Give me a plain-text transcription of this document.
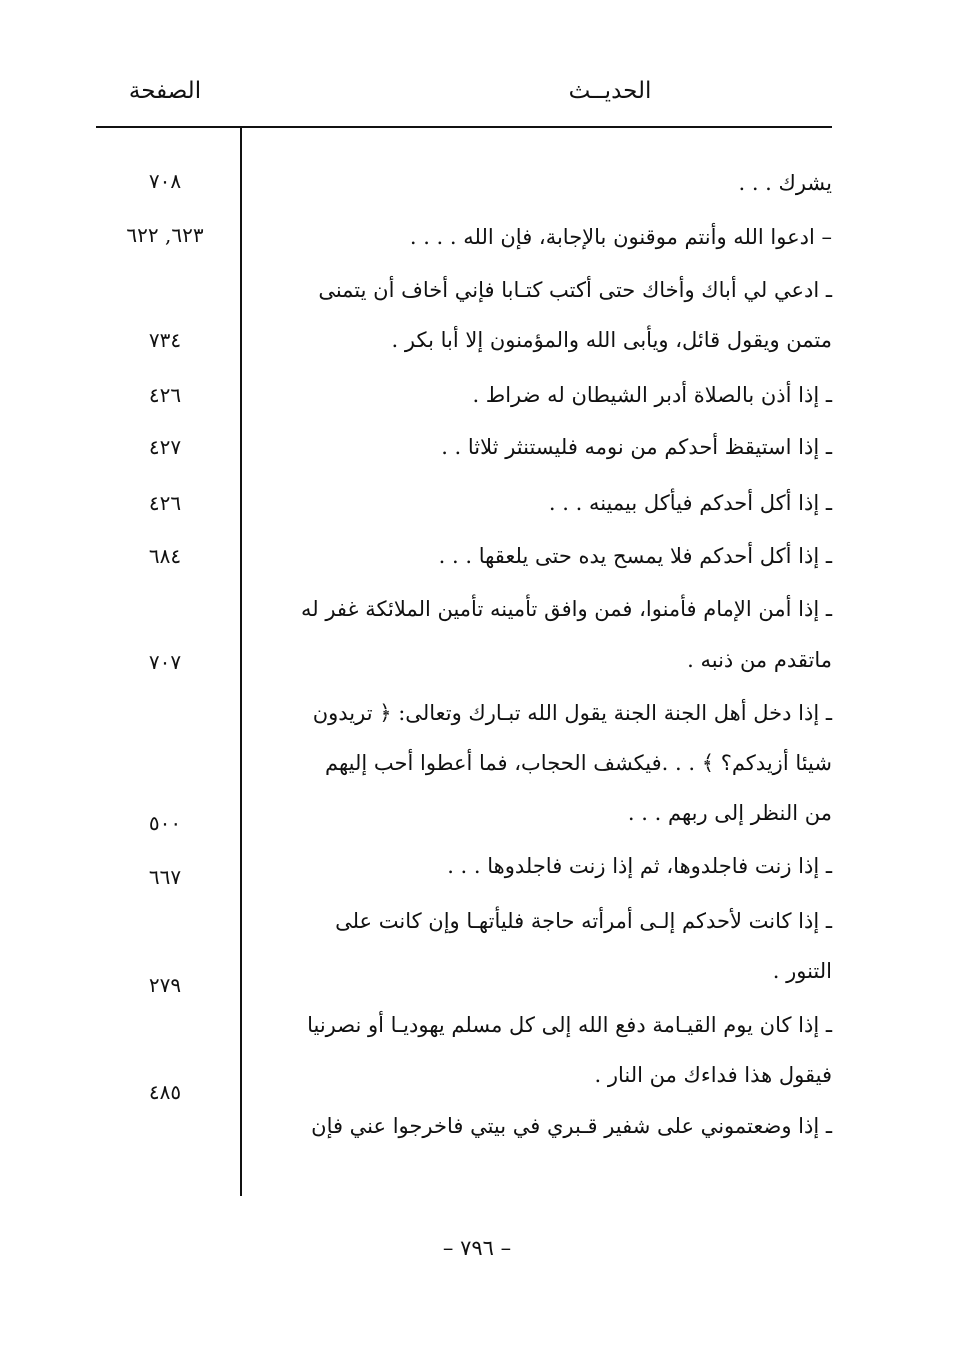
الحديــث
الصفحة
يشرك . . .
– ادعوا الله وأنتم موقنون بالإجابة، فإن الله . . . .
ـ ادعي لي أباك وأخاك حتى أكتب كتـابا فإني أخاف أن يتمنى
متمن ويقول قائل، ويأبى الله والمؤمنون إلا أبا بكر .
ـ إذا أذن بالصلاة أدبر الشيطان له ضراط .
ـ إذا استيقظ أحدكم من نومه فليستنثر ثلاثا . .
ـ إذا أكل أحدكم فيأكل بيمينه . . .
ـ إذا أكل أحدكم فلا يمسح يده حتى يلعقها . . .
ـ إذا أمن الإمام فأمنوا، فمن وافق تأمينه تأمين الملائكة غفر له
ماتقدم من ذنبه .
ـ إذا دخل أهل الجنة الجنة يقول الله تبـارك وتعالى: ﴿ تريدون
شيئا أزيدكم؟ ﴾ . . .فيكشف الحجاب، فما أعطوا أحب إليهم
من النظر إلى ربهم . . .
ـ إذا زنت فاجلدوها، ثم إذا زنت فاجلدوها . . .
ـ إذا كانت لأحدكم إلـى أمرأته حاجة فليأتهـا وإن كانت على
التنور .
ـ إذا كان يوم القيـامة دفع الله إلى كل مسلم يهوديـا أو نصرنيا
فيقول هذا فداءك من النار .
ـ إذا وضعتموني على شفير قـبري في بيتي فاخرجوا عني فإن
٧٠٨
٦٢٣, ٦٢٢
٧٣٤
٤٢٦
٤٢٧
٤٢٦
٦٨٤
٧٠٧
٥٠٠
٦٦٧
٢٧٩
٤٨٥
– ٧٩٦ –
